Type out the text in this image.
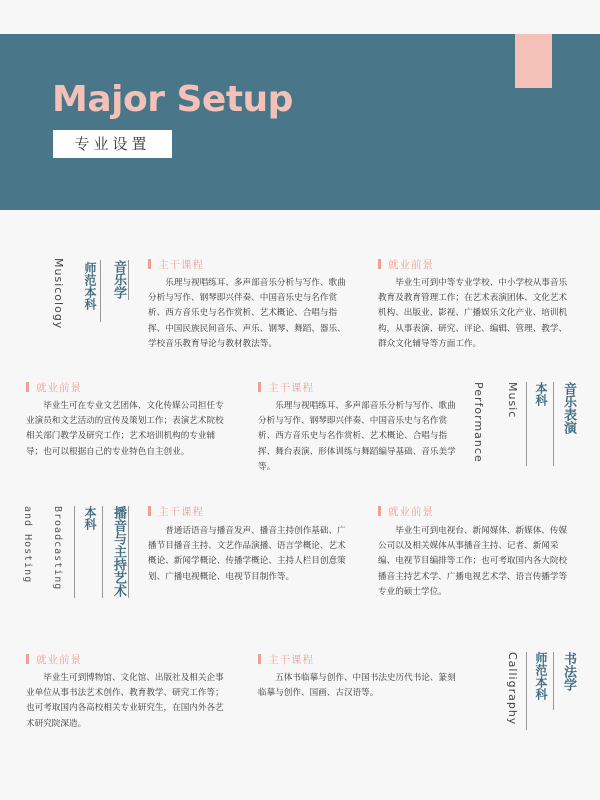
Major Setup
专业设置
Musicology 师范本科 音乐学	主干课程
乐理与视唱练耳、多声部音乐分析与写作、歌曲分析与写作、钢琴即兴伴奏、中国音乐史与名作赏析、西方音乐史与名作赏析、艺术概论、合唱与指挥、中国民族民间音乐、声乐、钢琴、舞蹈、器乐、学校音乐教育导论与教材教法等。
就业前景
毕业生可到中等专业学校、中小学校从事音乐教育及教育管理工作；在艺术表演团体、文化艺术机构、出版业、影视、广播娱乐文化产业、培训机构，从事表演、研究、评论、编辑、管理、教学、群众文化辅导等方面工作。
就业前景
毕业生可在专业文艺团体、文化传媒公司担任专业演员和文艺活动的宣传及策划工作；表演艺术院校相关部门教学及研究工作；艺术培训机构的专业辅导；也可以根据自己的专业特色自主创业。
主干课程
乐理与视唱练耳、多声部音乐分析与写作、歌曲分析与写作、钢琴即兴伴奏、中国音乐史与名作赏析、西方音乐史与名作赏析、艺术概论、合唱与指挥、舞台表演、形体训练与舞蹈编导基础、音乐美学等。
Performance Music 本科 音乐表演
and Hosting Broadcasting 本科 播音与主持艺术	主干课程
普通话语音与播音发声、播音主持创作基础、广播节目播音主持、文艺作品演播、语言学概论、艺术概论、新闻学概论、传播学概论、主持人栏目创意策划、广播电视概论、电视节目制作等。
就业前景
毕业生可到电视台、新闻媒体、新媒体、传媒公司以及相关媒体从事播音主持、记者、新闻采编、电视节目编排等工作；也可考取国内各大院校播音主持艺术学、广播电视艺术学、语言传播学等专业的硕士学位。
就业前景
毕业生可到博物馆、文化馆、出版社及相关企事业单位从事书法艺术创作、教育教学、研究工作等；也可考取国内各高校相关专业研究生，在国内外各艺术研究院深造。
主干课程
五体书临摹与创作、中国书法史历代书论、篆刻临摹与创作、国画、古汉语等。	Calligraphy 师范本科 书法学
